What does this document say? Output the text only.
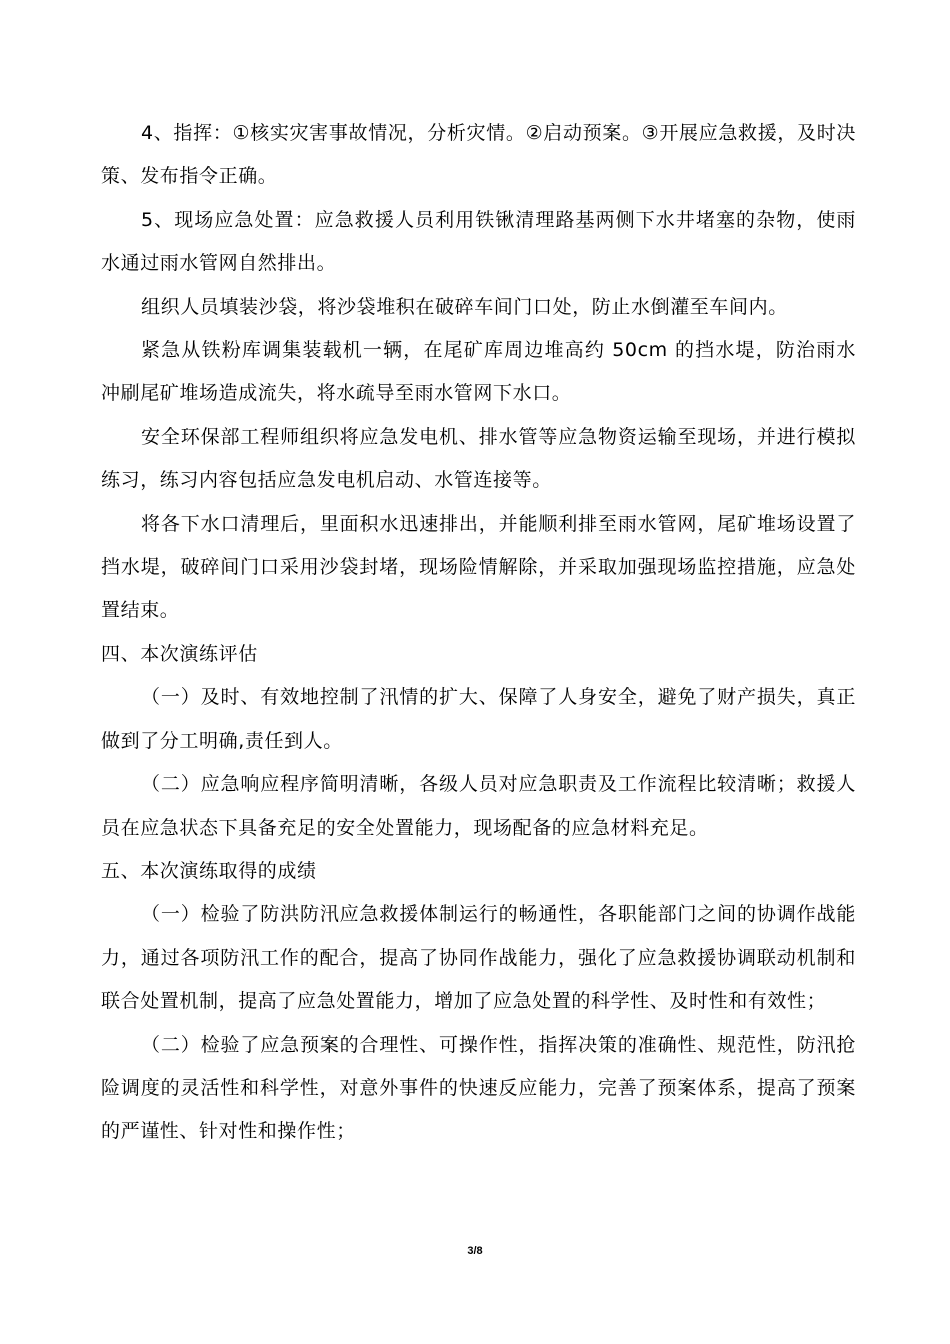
4、指挥：①核实灾害事故情况，分析灾情。②启动预案。③开展应急救援，及时决策、发布指令正确。

5、现场应急处置：应急救援人员利用铁锹清理路基两侧下水井堵塞的杂物，使雨水通过雨水管网自然排出。

组织人员填装沙袋，将沙袋堆积在破碎车间门口处，防止水倒灌至车间内。

紧急从铁粉库调集装载机一辆，在尾矿库周边堆高约 50cm 的挡水堤，防治雨水冲刷尾矿堆场造成流失，将水疏导至雨水管网下水口。

安全环保部工程师组织将应急发电机、排水管等应急物资运输至现场，并进行模拟练习，练习内容包括应急发电机启动、水管连接等。

将各下水口清理后，里面积水迅速排出，并能顺利排至雨水管网，尾矿堆场设置了挡水堤，破碎间门口采用沙袋封堵，现场险情解除，并采取加强现场监控措施，应急处置结束。

四、本次演练评估

（一）及时、有效地控制了汛情的扩大、保障了人身安全，避免了财产损失，真正做到了分工明确,责任到人。

（二）应急响应程序简明清晰，各级人员对应急职责及工作流程比较清晰；救援人员在应急状态下具备充足的安全处置能力，现场配备的应急材料充足。

五、本次演练取得的成绩

（一）检验了防洪防汛应急救援体制运行的畅通性，各职能部门之间的协调作战能力，通过各项防汛工作的配合，提高了协同作战能力，强化了应急救援协调联动机制和联合处置机制，提高了应急处置能力，增加了应急处置的科学性、及时性和有效性；

（二）检验了应急预案的合理性、可操作性，指挥决策的准确性、规范性，防汛抢险调度的灵活性和科学性，对意外事件的快速反应能力，完善了预案体系，提高了预案的严谨性、针对性和操作性；

3/8
